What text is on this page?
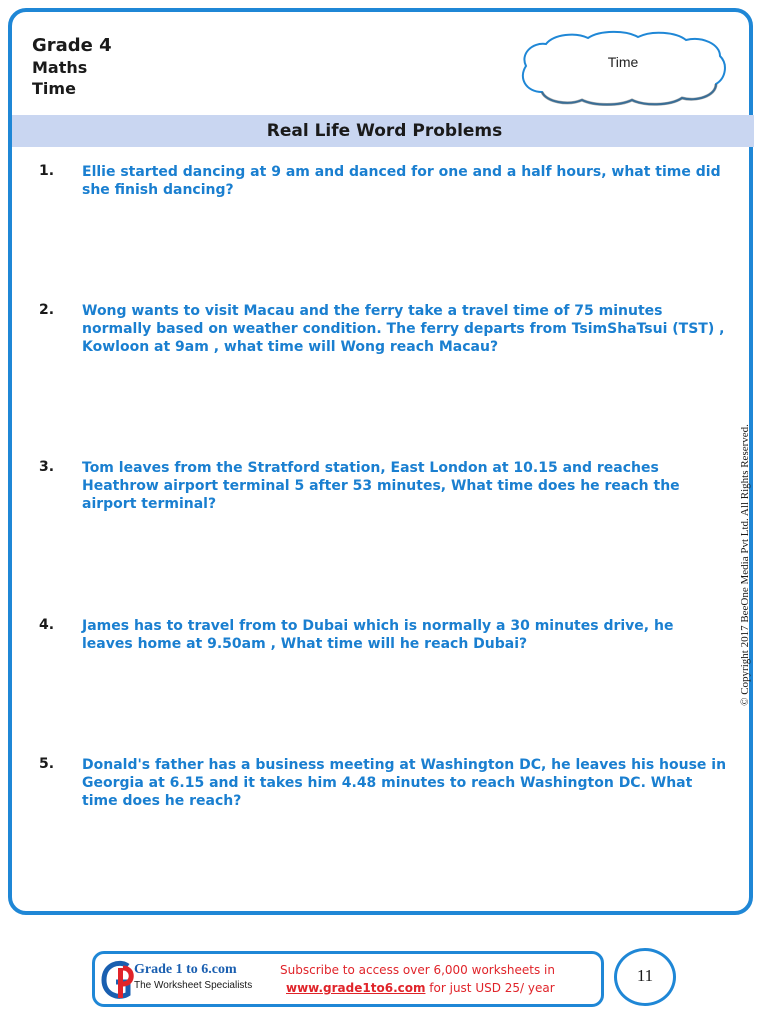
Grade 4
Maths
Time
Time
Real Life Word Problems
1. Ellie started dancing at 9 am and danced for one and a half hours, what time did she finish dancing?
2. Wong wants to visit Macau and the ferry take a travel time of 75 minutes normally based on weather condition. The ferry departs from TsimShaTsui (TST) , Kowloon at 9am , what time will Wong reach Macau?
3. Tom leaves from the Stratford station, East London at 10.15 and reaches Heathrow airport terminal 5 after 53 minutes, What time does he reach the airport terminal?
4. James has to travel from to Dubai which is normally a 30 minutes drive, he leaves home at 9.50am , What time will he reach Dubai?
5. Donald's father has a business meeting at Washington DC, he leaves his house in Georgia at 6.15 and it takes him 4.48 minutes to reach Washington DC. What time does he reach?
© Copyright 2017 BeeOne Media Pvt Ltd. All Rights Reserved.
Grade 1 to 6.com
The Worksheet Specialists
Subscribe to access over 6,000 worksheets in
www.grade1to6.com for just USD 25/ year
11
